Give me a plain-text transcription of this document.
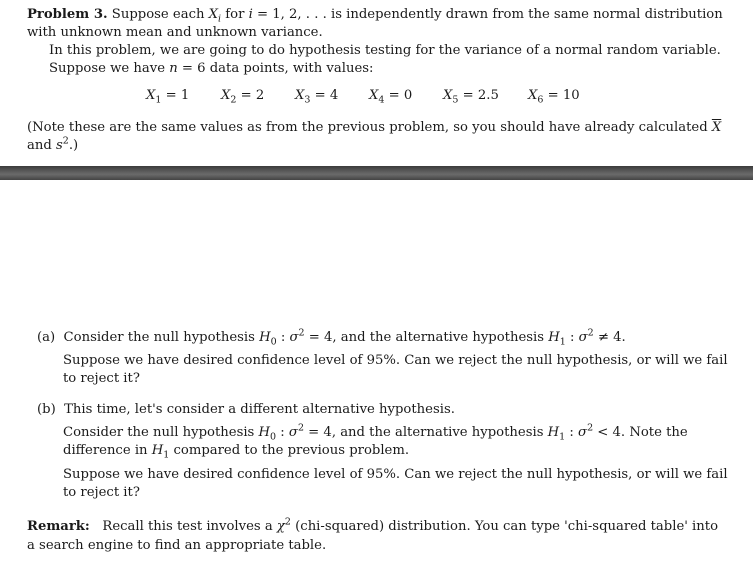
Problem 3. Suppose each $X_i$ for i = 1, 2, . . . is independently drawn from the same normal distribution
with unknown mean and unknown variance.
In this problem, we are going to do hypothesis testing for the variance of a normal random variable.
Suppose we have n = 6 data points, with values:
$X_1 = 1$ $X_2 = 2$ $X_3 = 4$ $X_4 = 0$ $X_5 = 2.5$ $X_6 = 10$
(Note these are the same values as from the previous problem, so you should have already calculated $\overline{X}$
and $s^2$.)
(a) Consider the null hypothesis $H_0$ : $\sigma^2 = 4$, and the alternative hypothesis $H_1$ : $\sigma^2 \ne 4$.
Suppose we have desired confidence level of 95%. Can we reject the null hypothesis, or will we fail
to reject it?
(b) This time, let's consider a different alternative hypothesis.
Consider the null hypothesis $H_0$ : $\sigma^2 = 4$, and the alternative hypothesis $H_1$ : $\sigma^2 < 4$. Note the
difference in $H_1$ compared to the previous problem.
Suppose we have desired confidence level of 95%. Can we reject the null hypothesis, or will we fail
to reject it?
Remark: Recall this test involves a $\chi^2$ (chi-squared) distribution. You can type 'chi-squared table' into
a search engine to find an appropriate table.
